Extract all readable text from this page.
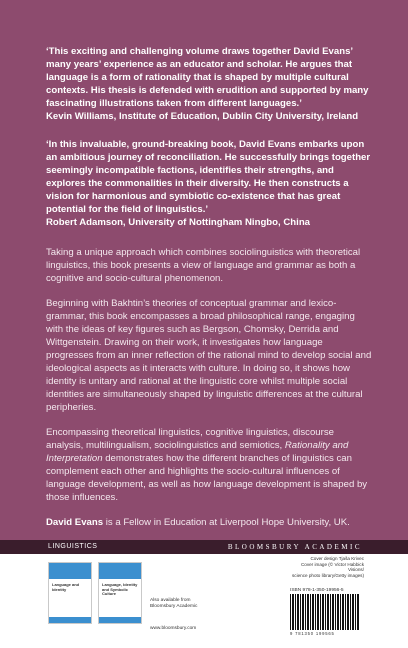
‘This exciting and challenging volume draws together David Evans’ many years’ experience as an educator and scholar. He argues that language is a form of rationality that is shaped by multiple cultural contexts. His thesis is defended with erudition and supported by many fascinating illustrations taken from different languages.’

Kevin Williams, Institute of Education, Dublin City University, Ireland

‘In this invaluable, ground-breaking book, David Evans embarks upon an ambitious journey of reconciliation. He successfully brings together seemingly incompatible factions, identifies their strengths, and explores the commonalities in their diversity. He then constructs a vision for harmonious and symbiotic co-existence that has great potential for the field of linguistics.’

Robert Adamson, University of Nottingham Ningbo, China

Taking a unique approach which combines sociolinguistics with theoretical linguistics, this book presents a view of language and grammar as both a cognitive and socio-cultural phenomenon.

Beginning with Bakhtin’s theories of conceptual grammar and lexico-grammar, this book encompasses a broad philosophical range, engaging with the ideas of key figures such as Bergson, Chomsky, Derrida and Wittgenstein. Drawing on their work, it investigates how language progresses from an inner reflection of the rational mind to develop social and ideological aspects as it interacts with culture. In doing so, it shows how identity is unitary and rational at the linguistic core whilst multiple social identities are simultaneously shaped by linguistic differences at the cultural peripheries.

Encompassing theoretical linguistics, cognitive linguistics, discourse analysis, multilingualism, sociolinguistics and semiotics, Rationality and Interpretation demonstrates how the different branches of linguistics can complement each other and highlights the socio-cultural influences of language development, as well as how language development is shaped by those influences.

David Evans is a Fellow in Education at Liverpool Hope University, UK.

LINGUISTICS	BLOOMSBURY ACADEMIC
Language and Identity
Language, Identity and Symbolic Culture
Also available from
Bloomsbury Academic
www.bloomsbury.com
Cover design Tjaša Krivec
Cover image (© Victor Habbick Visions/
science photo library/Getty images)
ISBN 978-1-350-19956-5
9 781350 199565
